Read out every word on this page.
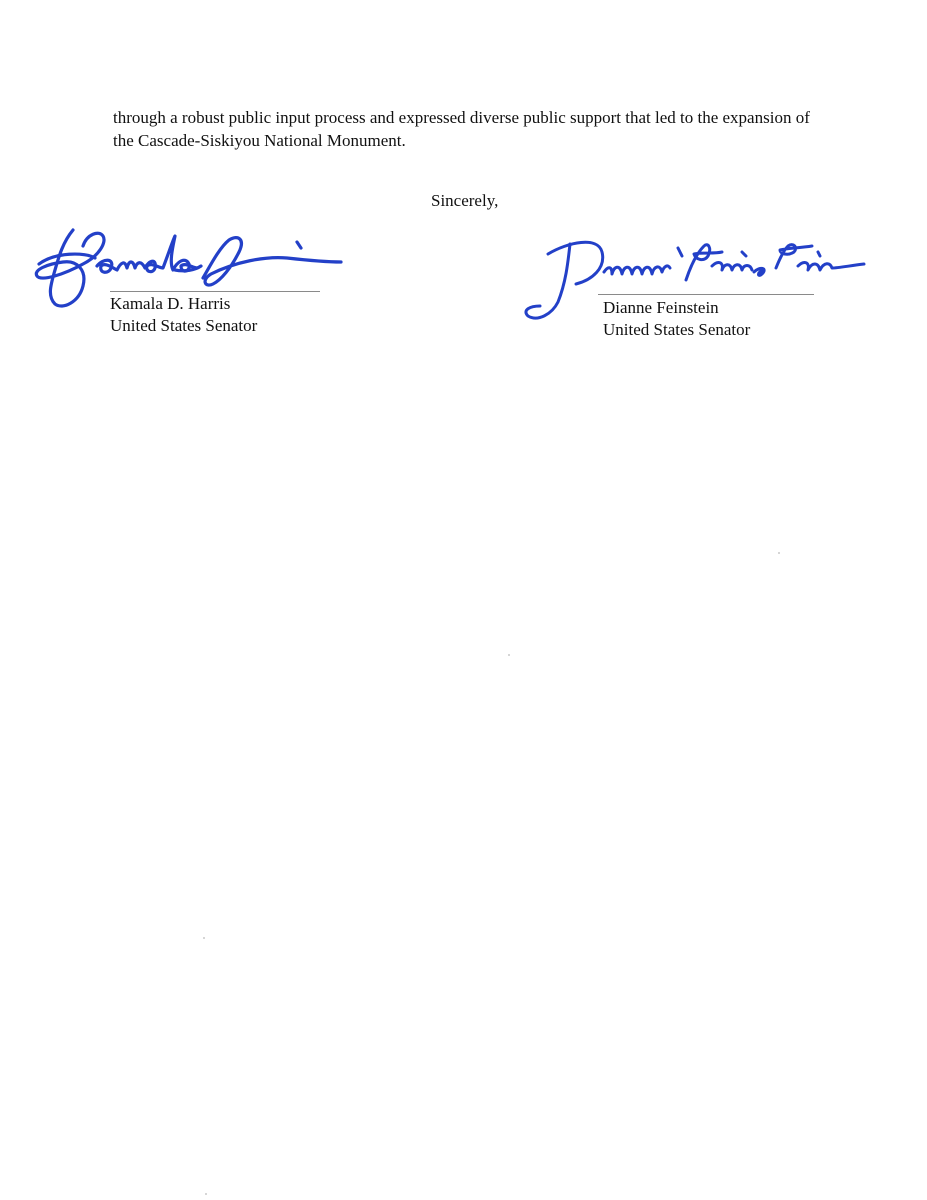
through a robust public input process and expressed diverse public support that led to the expansion of the Cascade-Siskiyou National Monument.

Sincerely,

Kamala D. Harris

United States Senator

Dianne Feinstein

United States Senator
